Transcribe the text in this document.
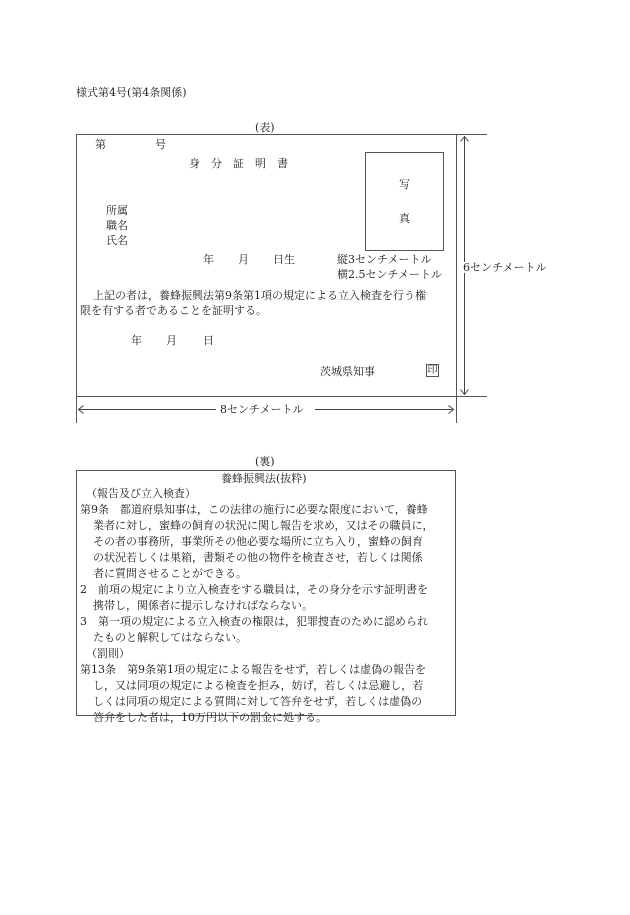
様式第4号(第4条関係)
(表)
第	号
身　分　証　明　書
所属
職名
氏名
年 月 日生
写
真
縦3センチメートル
横2.5センチメートル
上記の者は，養蜂振興法第9条第1項の規定による立入検査を行う権
限を有する者であることを証明する。
年 月 日
茨城県知事	印
6センチメートル
8センチメートル
(裏)
養蜂振興法(抜粋)
（報告及び立入検査）
第9条　都道府県知事は，この法律の施行に必要な限度において，養蜂
業者に対し，蜜蜂の飼育の状況に関し報告を求め，又はその職員に，
その者の事務所，事業所その他必要な場所に立ち入り，蜜蜂の飼育
の状況若しくは巣箱，書類その他の物件を検査させ，若しくは関係
者に質問させることができる。
2　前項の規定により立入検査をする職員は，その身分を示す証明書を
携帯し，関係者に提示しなければならない。
3　第一項の規定による立入検査の権限は，犯罪捜査のために認められ
たものと解釈してはならない。
（罰則）
第13条　第9条第1項の規定による報告をせず，若しくは虚偽の報告を
し，又は同項の規定による検査を拒み，妨げ，若しくは忌避し，若
しくは同項の規定による質問に対して答弁をせず，若しくは虚偽の
答弁をした者は，10万円以下の罰金に処する。
